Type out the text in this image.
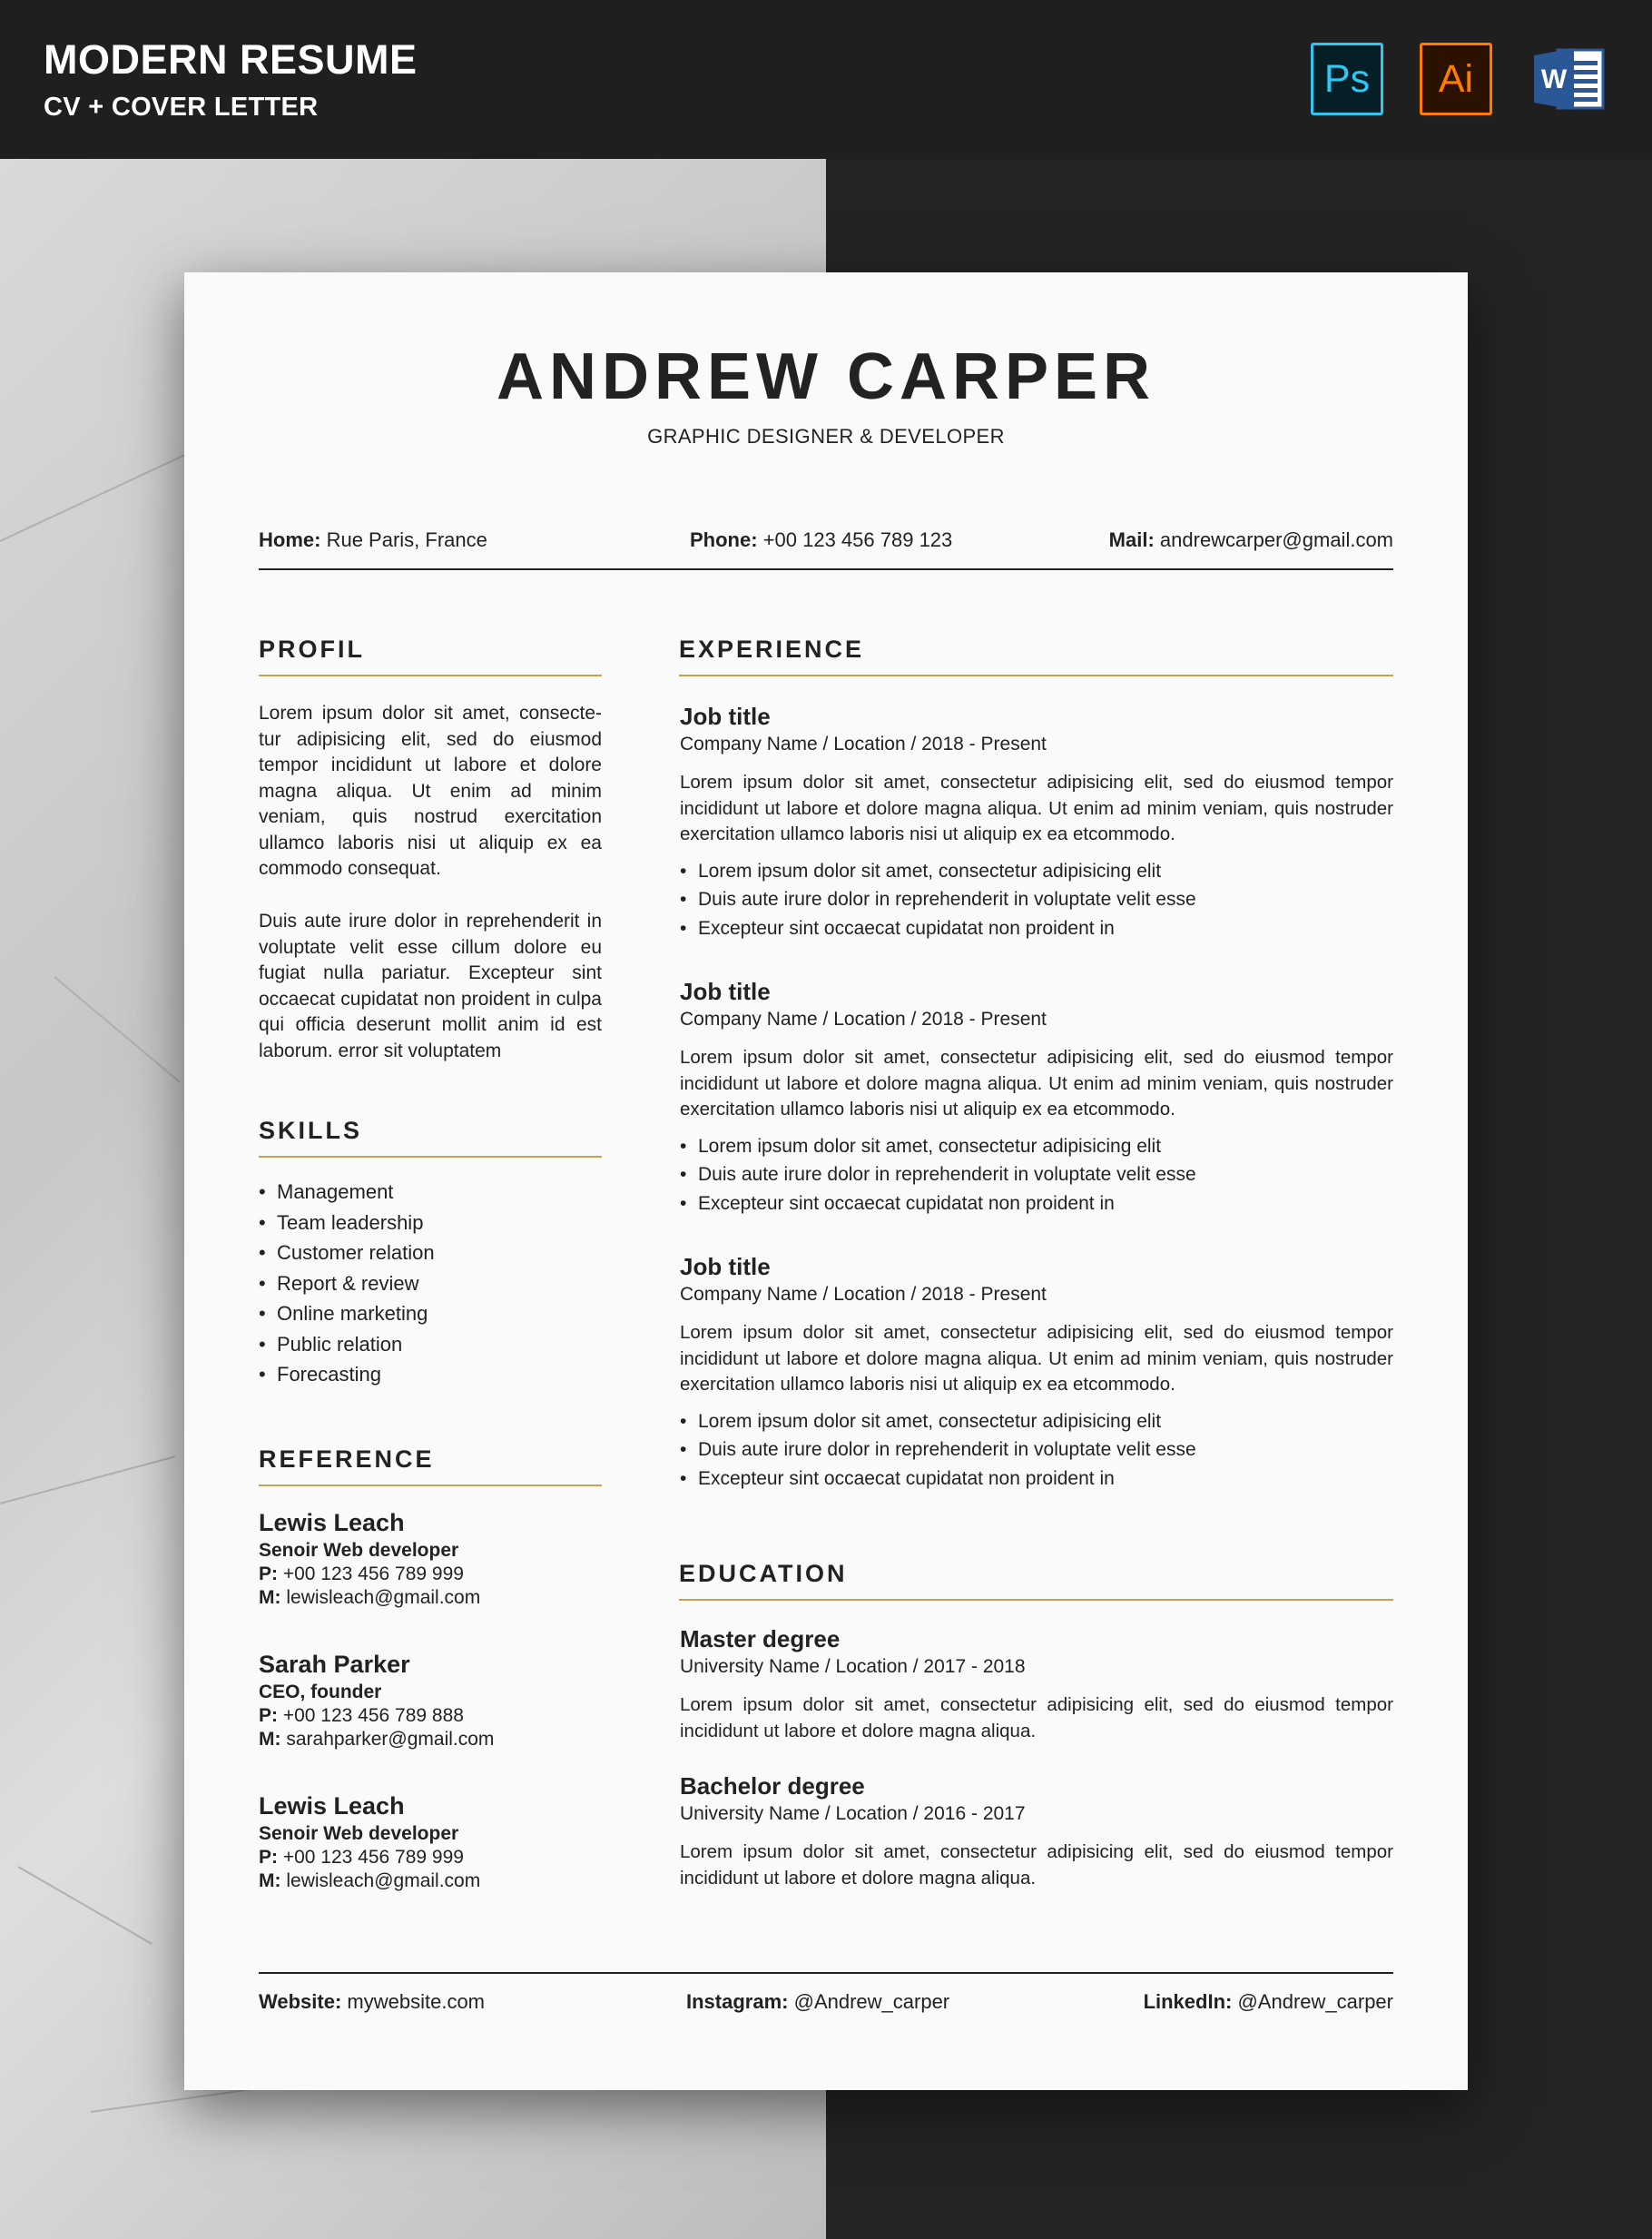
MODERN RESUME
CV + COVER LETTER
Ps Ai W
ANDREW CARPER
GRAPHIC DESIGNER & DEVELOPER
Home: Rue Paris, France	Phone: +00 123 456 789 123	Mail: andrewcarper@gmail.com
PROFIL
Lorem ipsum dolor sit amet, consecte-tur adipisicing elit, sed do eiusmod tempor incididunt ut labore et dolore magna aliqua. Ut enim ad minim veniam, quis nostrud exercitation ullamco laboris nisi ut aliquip ex ea commodo consequat.
Duis aute irure dolor in reprehenderit in voluptate velit esse cillum dolore eu fugiat nulla pariatur. Excepteur sint occaecat cupidatat non proident in culpa qui officia deserunt mollit anim id est laborum. error sit voluptatem
SKILLS
• Management
• Team leadership
• Customer relation
• Report & review
• Online marketing
• Public relation
• Forecasting
REFERENCE
Lewis Leach
Senoir Web developer
P: +00 123 456 789 999
M: lewisleach@gmail.com
Sarah Parker
CEO, founder
P: +00 123 456 789 888
M: sarahparker@gmail.com
Lewis Leach
Senoir Web developer
P: +00 123 456 789 999
M: lewisleach@gmail.com
EXPERIENCE
Job title
Company Name / Location / 2018 - Present
Lorem ipsum dolor sit amet, consectetur adipisicing elit, sed do eiusmod tempor incididunt ut labore et dolore magna aliqua. Ut enim ad minim veniam, quis nostruder exercitation ullamco laboris nisi ut aliquip ex ea etcommodo.
• Lorem ipsum dolor sit amet, consectetur adipisicing elit
• Duis aute irure dolor in reprehenderit in voluptate velit esse
• Excepteur sint occaecat cupidatat non proident in
Job title
Company Name / Location / 2018 - Present
Lorem ipsum dolor sit amet, consectetur adipisicing elit, sed do eiusmod tempor incididunt ut labore et dolore magna aliqua. Ut enim ad minim veniam, quis nostruder exercitation ullamco laboris nisi ut aliquip ex ea etcommodo.
• Lorem ipsum dolor sit amet, consectetur adipisicing elit
• Duis aute irure dolor in reprehenderit in voluptate velit esse
• Excepteur sint occaecat cupidatat non proident in
Job title
Company Name / Location / 2018 - Present
Lorem ipsum dolor sit amet, consectetur adipisicing elit, sed do eiusmod tempor incididunt ut labore et dolore magna aliqua. Ut enim ad minim veniam, quis nostruder exercitation ullamco laboris nisi ut aliquip ex ea etcommodo.
• Lorem ipsum dolor sit amet, consectetur adipisicing elit
• Duis aute irure dolor in reprehenderit in voluptate velit esse
• Excepteur sint occaecat cupidatat non proident in
EDUCATION
Master degree
University Name / Location / 2017 - 2018
Lorem ipsum dolor sit amet, consectetur adipisicing elit, sed do eiusmod tempor incididunt ut labore et dolore magna aliqua.
Bachelor degree
University Name / Location / 2016 - 2017
Lorem ipsum dolor sit amet, consectetur adipisicing elit, sed do eiusmod tempor incididunt ut labore et dolore magna aliqua.
Website: mywebsite.com	Instagram: @Andrew_carper	LinkedIn: @Andrew_carper
